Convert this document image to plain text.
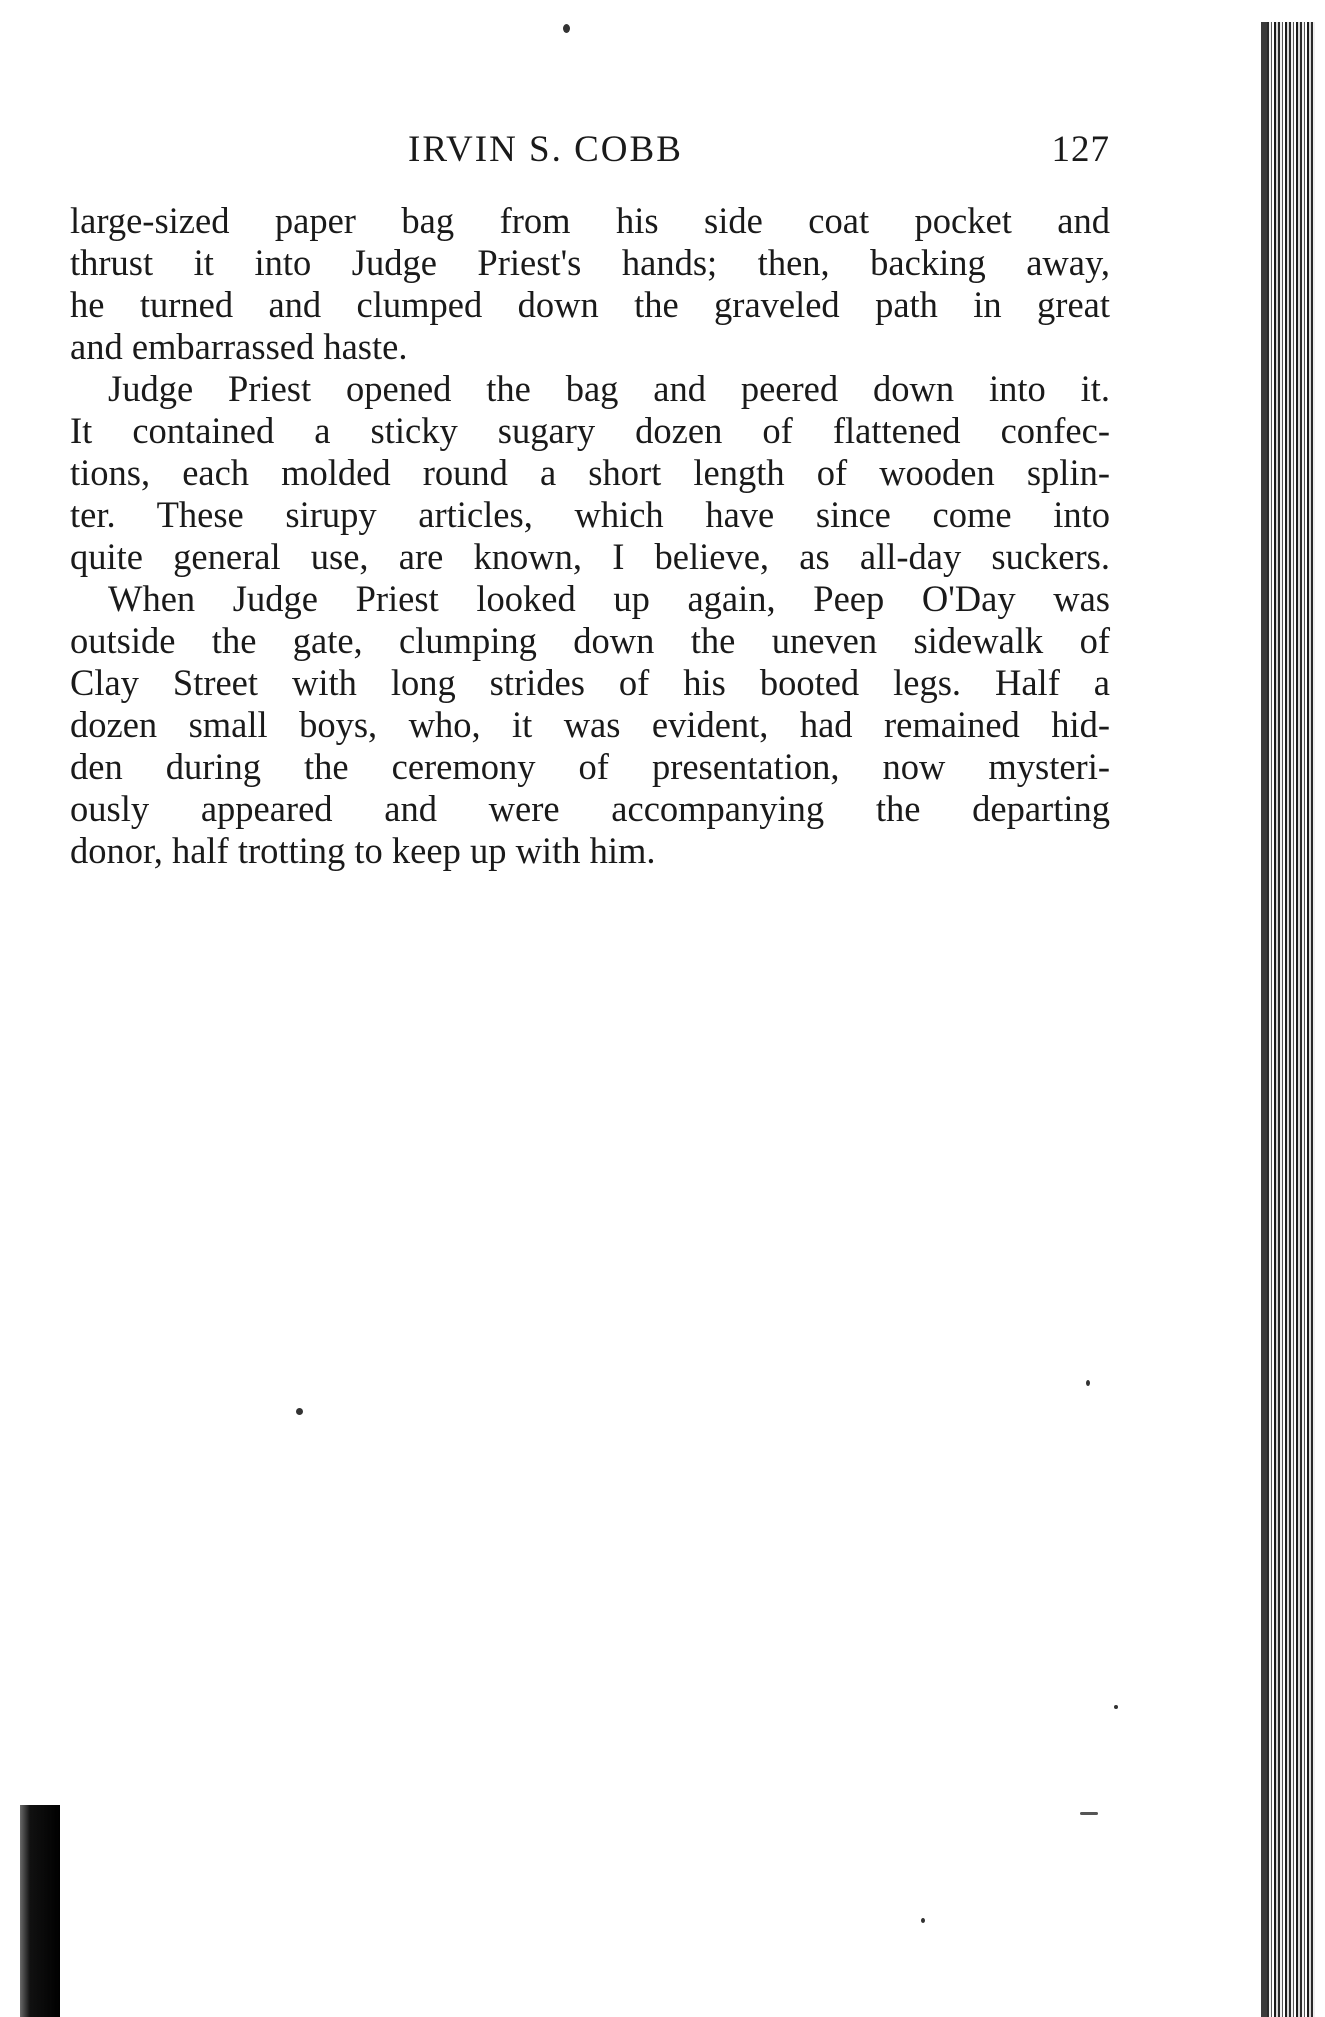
IRVIN S. COBB	127
large-sized paper bag from his side coat pocket and
thrust it into Judge Priest's hands; then, backing away,
he turned and clumped down the graveled path in great
and embarrassed haste.
Judge Priest opened the bag and peered down into it.
It contained a sticky sugary dozen of flattened confec-
tions, each molded round a short length of wooden splin-
ter. These sirupy articles, which have since come into
quite general use, are known, I believe, as all-day suckers.
When Judge Priest looked up again, Peep O'Day was
outside the gate, clumping down the uneven sidewalk of
Clay Street with long strides of his booted legs. Half a
dozen small boys, who, it was evident, had remained hid-
den during the ceremony of presentation, now mysteri-
ously appeared and were accompanying the departing
donor, half trotting to keep up with him.
